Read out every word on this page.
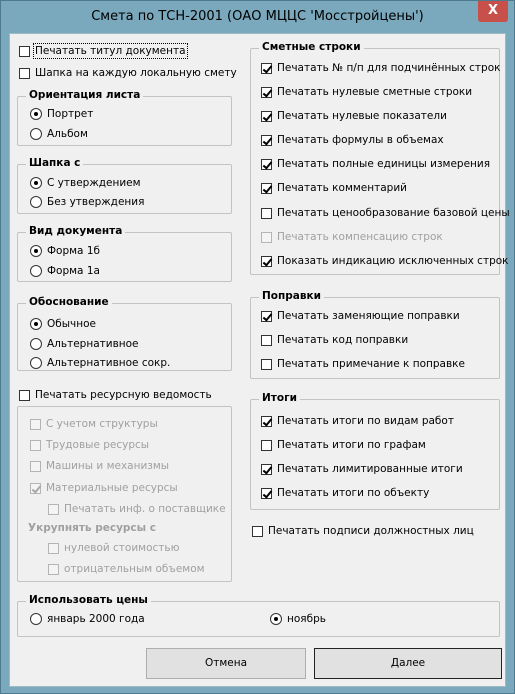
Смета по ТСН-2001 (ОАО МЦЦС 'Мосстройцены')	X
Печатать титул документа
Шапка на каждую локальную смету
Ориентация листа
Портрет
Альбом
Шапка с
С утверждением
Без утверждения
Вид документа
Форма 1б
Форма 1а
Обоснование
Обычное
Альтернативное
Альтернативное сокр.
Печатать ресурсную ведомость
С учетом структуры
Трудовые ресурсы
Машины и механизмы
Материальные ресурсы
Печатать инф. о поставщике
Укрупнять ресурсы с
нулевой стоимостью
отрицательным объемом
Сметные строки
Печатать № п/п для подчинённых строк
Печатать нулевые сметные строки
Печатать нулевые показатели
Печатать формулы в объемах
Печатать полные единицы измерения
Печатать комментарий
Печатать ценообразование базовой цены
Печатать компенсацию строк
Показать индикацию исключенных строк
Поправки
Печатать заменяющие поправки
Печатать код поправки
Печатать примечание к поправке
Итоги
Печатать итоги по видам работ
Печатать итоги по графам
Печатать лимитированные итоги
Печатать итоги по объекту
Печатать подписи должностных лиц
Использовать цены
январь 2000 года	ноябрь
Отмена	Далее
